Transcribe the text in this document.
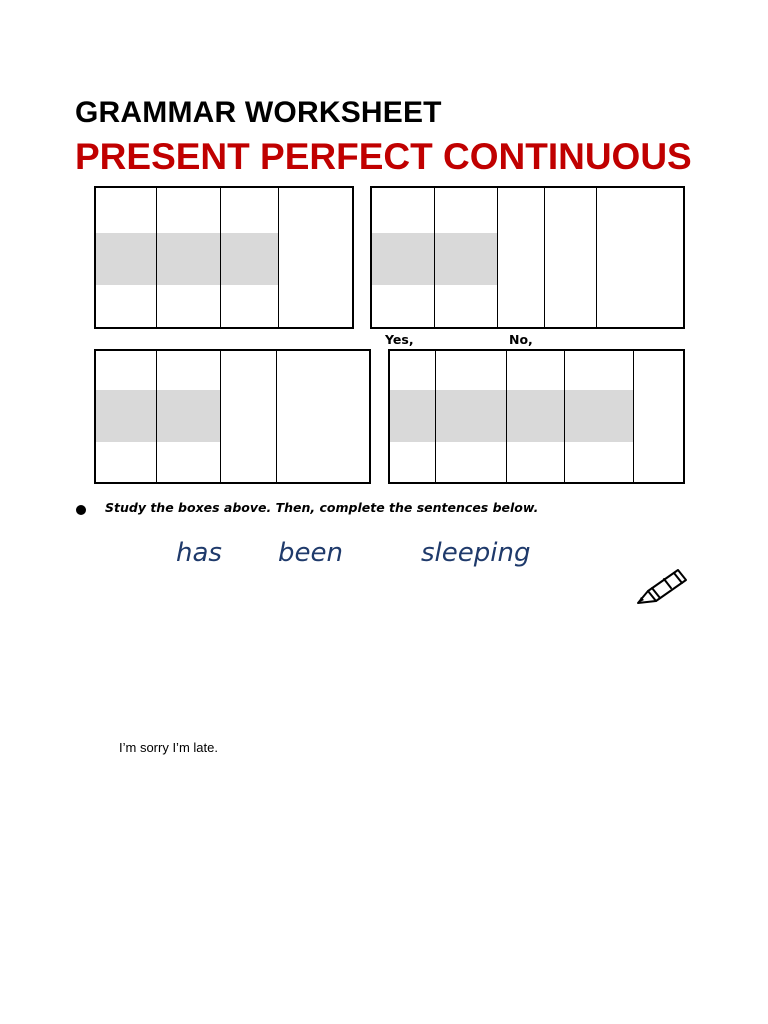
GRAMMAR WORKSHEET
PRESENT PERFECT CONTINUOUS
Yes,	No,
Study the boxes above. Then, complete the sentences below.
has been	sleeping
I’m sorry I’m late.
